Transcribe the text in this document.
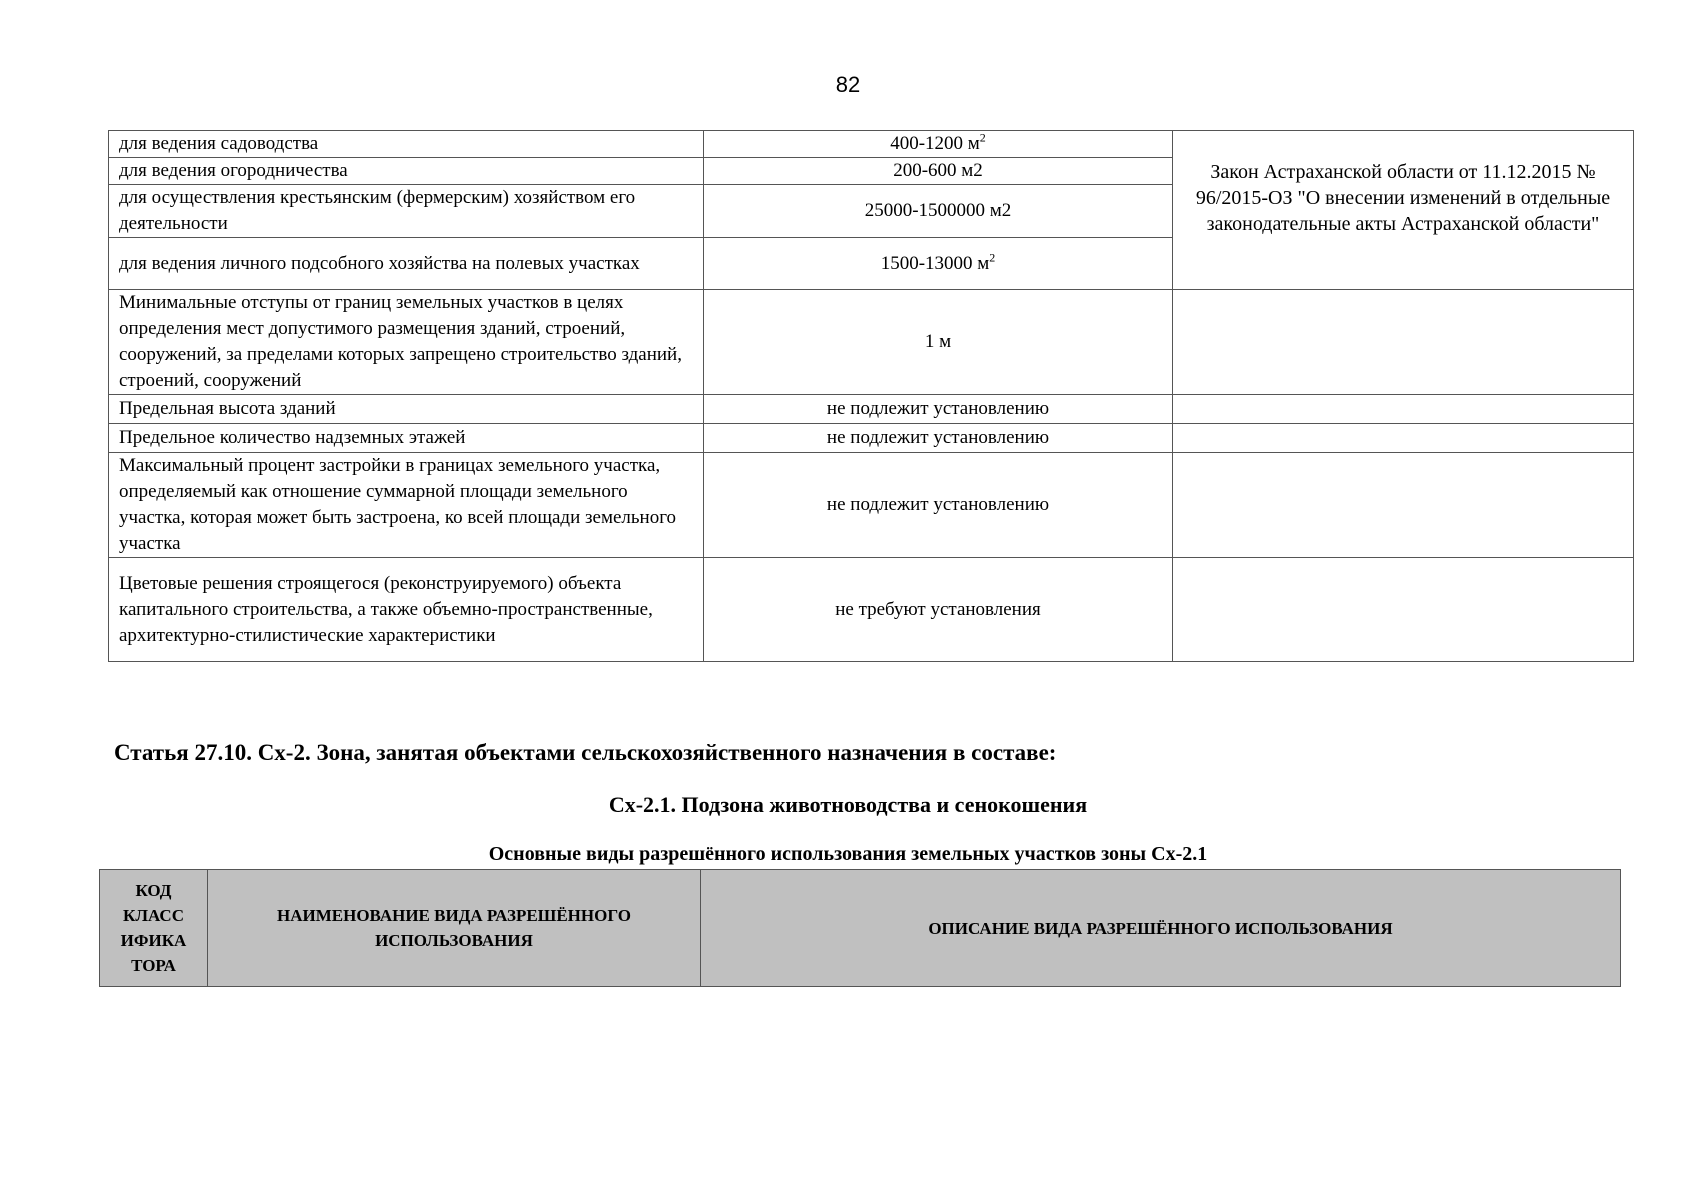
82
для ведения садоводства	400-1200 $м^2$	Закон Астраханской области от 11.12.2015 № 96/2015-ОЗ "О внесении изменений в отдельные законодательные акты Астраханской области"
для ведения огородничества	200-600 м2	
для осуществления крестьянским (фермерским) хозяйством его деятельности	25000-1500000 м2	
для ведения личного подсобного хозяйства на полевых участках	1500-13000 $м^2$
Минимальные отступы от границ земельных участков в целях определения мест допустимого размещения зданий, строений, сооружений, за пределами которых запрещено строительство зданий, строений, сооружений	1 м	
Предельная высота зданий	не подлежит установлению	
Предельное количество надземных этажей	не подлежит установлению	
Максимальный процент застройки в границах земельного участка, определяемый как отношение суммарной площади земельного участка, которая может быть застроена, ко всей площади земельного участка	не подлежит установлению	
Цветовые решения строящегося (реконструируемого) объекта капитального строительства, а также объемно-пространственные, архитектурно-стилистические характеристики	не требуют установления	
Статья 27.10. Сх-2. Зона, занятая объектами сельскохозяйственного назначения в составе:
Сх-2.1. Подзона животноводства и сенокошения
Основные виды разрешённого использования земельных участков зоны Сх-2.1
КОД КЛАСС ИФИКА ТОРА	НАИМЕНОВАНИЕ ВИДА РАЗРЕШЁННОГО ИСПОЛЬЗОВАНИЯ	ОПИСАНИЕ ВИДА РАЗРЕШЁННОГО ИСПОЛЬЗОВАНИЯ
